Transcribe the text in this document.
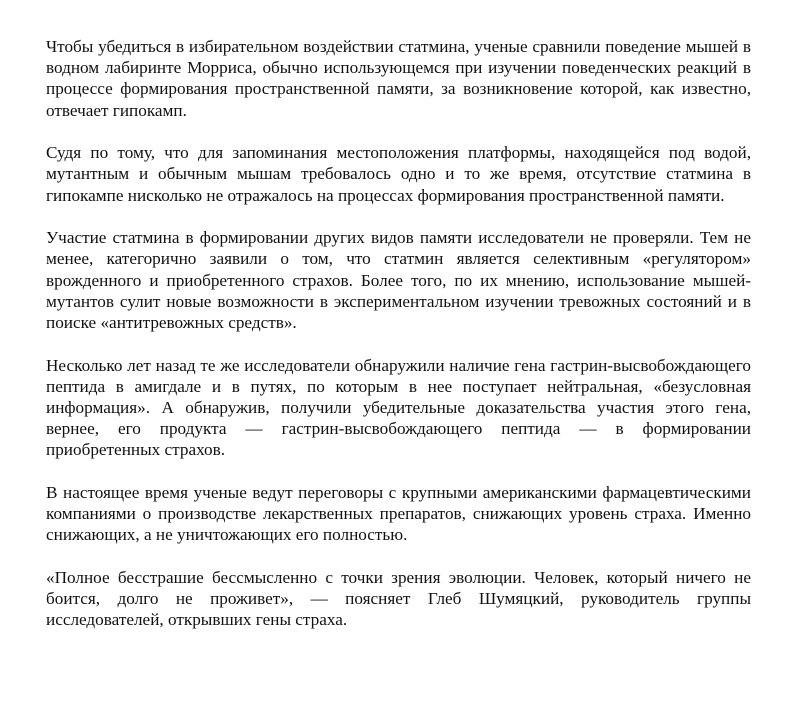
Чтобы убедиться в избирательном воздействии статмина, ученые сравнили поведение мышей в водном лабиринте Морриса, обычно использующемся при изучении поведенческих реакций в процессе формирования пространственной памяти, за возникновение которой, как известно, отвечает гипокамп.

Судя по тому, что для запоминания местоположения платформы, находящейся под водой, мутантным и обычным мышам требовалось одно и то же время, отсутствие статмина в гипокампе нисколько не отражалось на процессах формирования пространственной памяти.

Участие статмина в формировании других видов памяти исследователи не проверяли. Тем не менее, категорично заявили о том, что статмин является селективным «регулятором» врожденного и приобретенного страхов. Более того, по их мнению, использование мышей-мутантов сулит новые возможности в экспериментальном изучении тревожных состояний и в поиске «антитревожных средств».

Несколько лет назад те же исследователи обнаружили наличие гена гастрин-высвобождающего пептида в амигдале и в путях, по которым в нее поступает нейтральная, «безусловная информация». А обнаружив, получили убедительные доказательства участия этого гена, вернее, его продукта — гастрин-высвобождающего пептида — в формировании приобретенных страхов.

В настоящее время ученые ведут переговоры с крупными американскими фармацевтическими компаниями о производстве лекарственных препаратов, снижающих уровень страха. Именно снижающих, а не уничтожающих его полностью.

«Полное бесстрашие бессмысленно с точки зрения эволюции. Человек, который ничего не боится, долго не проживет», — поясняет Глеб Шумяцкий, руководитель группы исследователей, открывших гены страха.
